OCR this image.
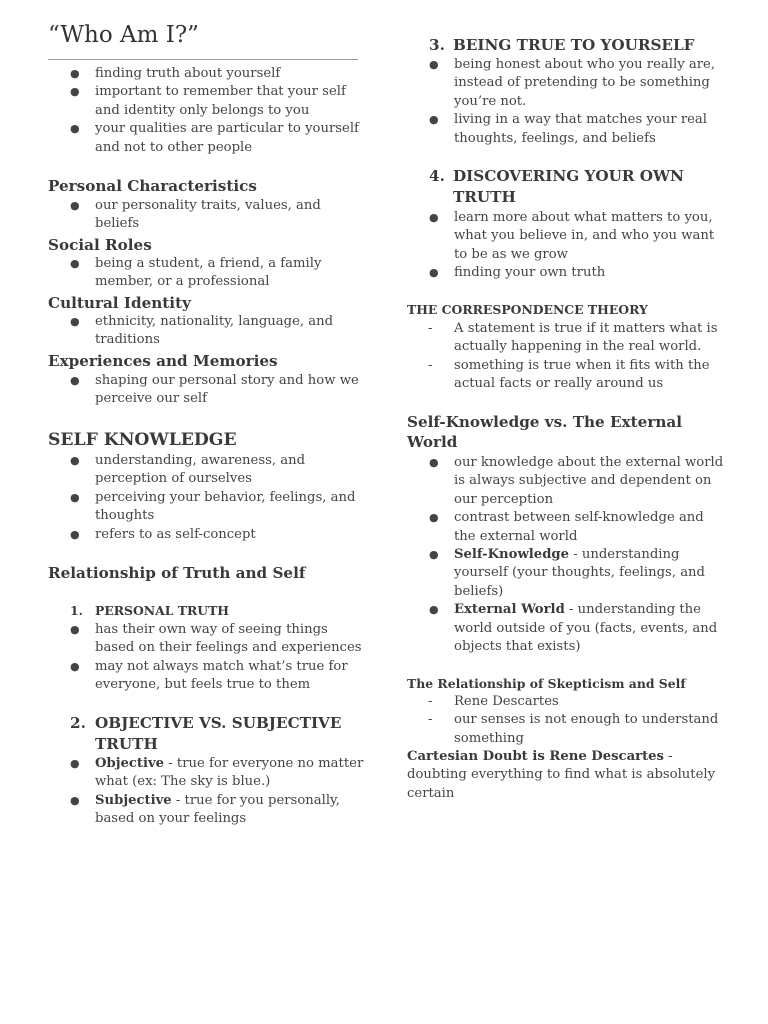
“Who Am I?”
● finding truth about yourself
● important to remember that your self and identity only belongs to you
● your qualities are particular to yourself and not to other people
Personal Characteristics
● our personality traits, values, and beliefs
Social Roles
● being a student, a friend, a family member, or a professional
Cultural Identity
● ethnicity, nationality, language, and traditions
Experiences and Memories
● shaping our personal story and how we perceive our self
SELF KNOWLEDGE
● understanding, awareness, and perception of ourselves
● perceiving your behavior, feelings, and thoughts
● refers to as self-concept
Relationship of Truth and Self
1. PERSONAL TRUTH
● has their own way of seeing things based on their feelings and experiences
● may not always match what’s true for everyone, but feels true to them
2. OBJECTIVE VS. SUBJECTIVE TRUTH
● Objective - true for everyone no matter what (ex: The sky is blue.)
● Subjective - true for you personally, based on your feelings
3. BEING TRUE TO YOURSELF
● being honest about who you really are, instead of pretending to be something you’re not.
● living in a way that matches your real thoughts, feelings, and beliefs
4. DISCOVERING YOUR OWN TRUTH
● learn more about what matters to you, what you believe in, and who you want to be as we grow
● finding your own truth
THE CORRESPONDENCE THEORY
- A statement is true if it matters what is actually happening in the real world.
- something is true when it fits with the actual facts or really around us
Self-Knowledge vs. The External World
● our knowledge about the external world is always subjective and dependent on our perception
● contrast between self-knowledge and the external world
● Self-Knowledge - understanding yourself (your thoughts, feelings, and beliefs)
● External World - understanding the world outside of you (facts, events, and objects that exists)
The Relationship of Skepticism and Self
- Rene Descartes
- our senses is not enough to understand something

Cartesian Doubt is Rene Descartes - doubting everything to find what is absolutely certain
